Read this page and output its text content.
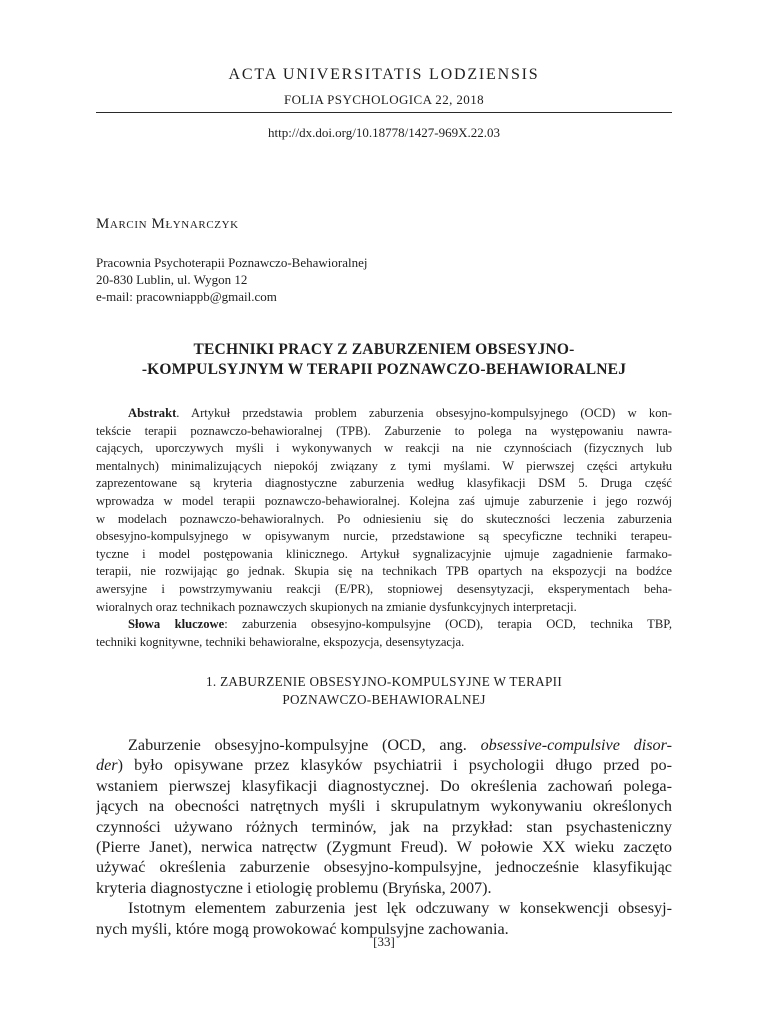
ACTA UNIVERSITATIS LODZIENSIS
FOLIA PSYCHOLOGICA 22, 2018
http://dx.doi.org/10.18778/1427-969X.22.03
Marcin Młynarczyk
Pracownia Psychoterapii Poznawczo-Behawioralnej
20-830 Lublin, ul. Wygon 12
e-mail: pracowniappb@gmail.com
TECHNIKI PRACY Z ZABURZENIEM OBSESYJNO-
-KOMPULSYJNYM W TERAPII POZNAWCZO-BEHAWIORALNEJ
Abstrakt. Artykuł przedstawia problem zaburzenia obsesyjno-kompulsyjnego (OCD) w kon-
tekście terapii poznawczo-behawioralnej (TPB). Zaburzenie to polega na występowaniu nawra-
cających, uporczywych myśli i wykonywanych w reakcji na nie czynnościach (fizycznych lub
mentalnych) minimalizujących niepokój związany z tymi myślami. W pierwszej części artykułu
zaprezentowane są kryteria diagnostyczne zaburzenia według klasyfikacji DSM 5. Druga część
wprowadza w model terapii poznawczo-behawioralnej. Kolejna zaś ujmuje zaburzenie i jego rozwój
w modelach poznawczo-behawioralnych. Po odniesieniu się do skuteczności leczenia zaburzenia
obsesyjno-kompulsyjnego w opisywanym nurcie, przedstawione są specyficzne techniki terapeu-
tyczne i model postępowania klinicznego. Artykuł sygnalizacyjnie ujmuje zagadnienie farmako-
terapii, nie rozwijając go jednak. Skupia się na technikach TPB opartych na ekspozycji na bodźce
awersyjne i powstrzymywaniu reakcji (E/PR), stopniowej desensytyzacji, eksperymentach beha-
wioralnych oraz technikach poznawczych skupionych na zmianie dysfunkcyjnych interpretacji.
Słowa kluczowe: zaburzenia obsesyjno-kompulsyjne (OCD), terapia OCD, technika TBP,
techniki kognitywne, techniki behawioralne, ekspozycja, desensytyzacja.
1. ZABURZENIE OBSESYJNO-KOMPULSYJNE W TERAPII
POZNAWCZO-BEHAWIORALNEJ
Zaburzenie obsesyjno-kompulsyjne (OCD, ang. obsessive-compulsive disor-
der) było opisywane przez klasyków psychiatrii i psychologii długo przed po-
wstaniem pierwszej klasyfikacji diagnostycznej. Do określenia zachowań polega-
jących na obecności natrętnych myśli i skrupulatnym wykonywaniu określonych
czynności używano różnych terminów, jak na przykład: stan psychasteniczny
(Pierre Janet), nerwica natręctw (Zygmunt Freud). W połowie XX wieku zaczęto
używać określenia zaburzenie obsesyjno-kompulsyjne, jednocześnie klasyfikując
kryteria diagnostyczne i etiologię problemu (Bryńska, 2007).
Istotnym elementem zaburzenia jest lęk odczuwany w konsekwencji obsesyj-
nych myśli, które mogą prowokować kompulsyjne zachowania.
[33]
